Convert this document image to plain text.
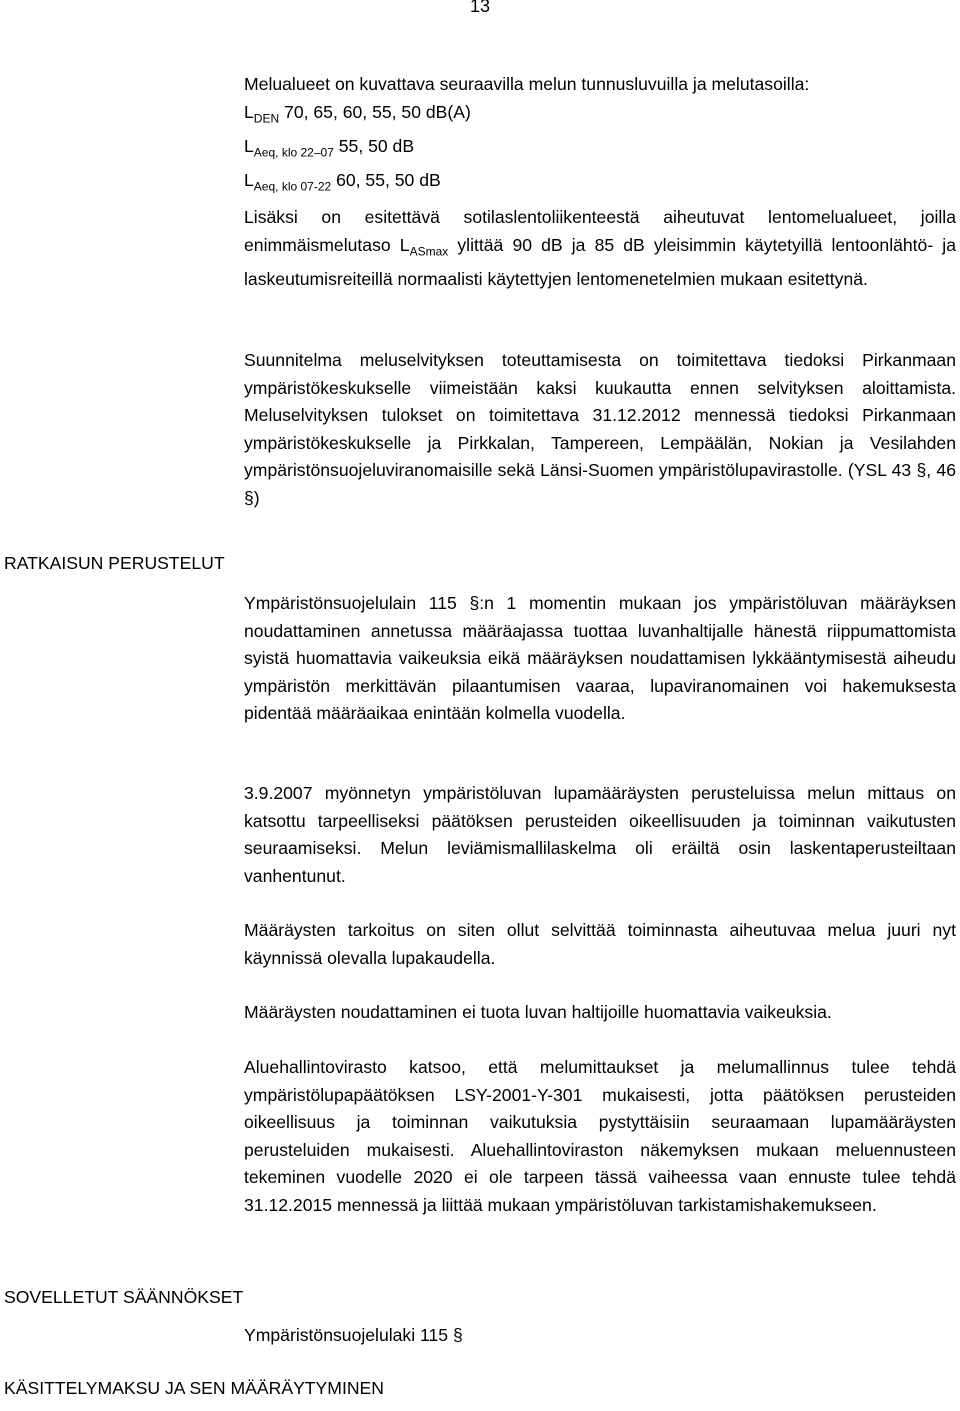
13
Melualueet on kuvattava seuraavilla melun tunnusluvuilla ja melutasoilla:
$L_{DEN}$ 70, 65, 60, 55, 50 dB(A)
$L_{Aeq, klo 22-07}$ 55, 50 dB
$L_{Aeq, klo 07-22}$ 60, 55, 50 dB
Lisäksi on esitettävä sotilaslentoliikenteestä aiheutuvat lentomelualueet, joilla enimmäismelutaso $L_{ASmax}$ ylittää 90 dB ja 85 dB yleisimmin käytetyillä lentoonlähtö- ja laskeutumisreiteillä normaalisti käytettyjen lentomenetelmien mukaan esitettynä.
Suunnitelma meluselvityksen toteuttamisesta on toimitettava tiedoksi Pirkanmaan ympäristökeskukselle viimeistään kaksi kuukautta ennen selvityksen aloittamista. Meluselvityksen tulokset on toimitettava 31.12.2012 mennessä tiedoksi Pirkanmaan ympäristökeskukselle ja Pirkkalan, Tampereen, Lempäälän, Nokian ja Vesilahden ympäristönsuojeluviranomaisille sekä Länsi-Suomen ympäristölupavirastolle. (YSL 43 §, 46 §)
RATKAISUN PERUSTELUT
Ympäristönsuojelulain 115 §:n 1 momentin mukaan jos ympäristöluvan määräyksen noudattaminen annetussa määräajassa tuottaa luvanhaltijalle hänestä riippumattomista syistä huomattavia vaikeuksia eikä määräyksen noudattamisen lykkääntymisestä aiheudu ympäristön merkittävän pilaantumisen vaaraa, lupaviranomainen voi hakemuksesta pidentää määräaikaa enintään kolmella vuodella.
3.9.2007 myönnetyn ympäristöluvan lupamääräysten perusteluissa melun mittaus on katsottu tarpeelliseksi päätöksen perusteiden oikeellisuuden ja toiminnan vaikutusten seuraamiseksi. Melun leviämismallilaskelma oli eräiltä osin laskentaperusteiltaan vanhentunut.
Määräysten tarkoitus on siten ollut selvittää toiminnasta aiheutuvaa melua juuri nyt käynnissä olevalla lupakaudella.
Määräysten noudattaminen ei tuota luvan haltijoille huomattavia vaikeuksia.
Aluehallintovirasto katsoo, että melumittaukset ja melumallinnus tulee tehdä ympäristölupapäätöksen LSY-2001-Y-301 mukaisesti, jotta päätöksen perusteiden oikeellisuus ja toiminnan vaikutuksia pystyttäisiin seuraamaan lupamääräysten perusteluiden mukaisesti. Aluehallintoviraston näkemyksen mukaan meluennusteen tekeminen vuodelle 2020 ei ole tarpeen tässä vaiheessa vaan ennuste tulee tehdä 31.12.2015 mennessä ja liittää mukaan ympäristöluvan tarkistamishakemukseen.
SOVELLETUT SÄÄNNÖKSET
Ympäristönsuojelulaki 115 §
KÄSITTELYMAKSU JA SEN MÄÄRÄYTYMINEN
